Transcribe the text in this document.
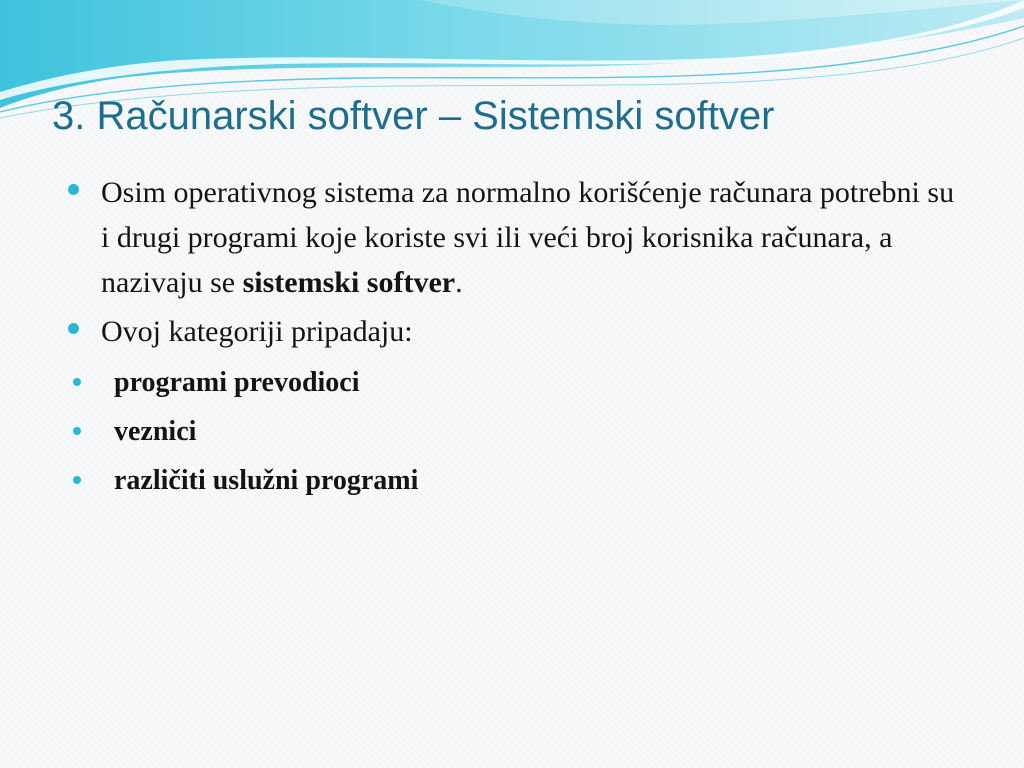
3. Računarski softver – Sistemski softver
Osim operativnog sistema za normalno korišćenje računara potrebni su i drugi programi koje koriste svi ili veći broj korisnika računara, a nazivaju se sistemski softver.
Ovoj kategoriji pripadaju:
programi prevodioci
veznici
različiti uslužni programi
